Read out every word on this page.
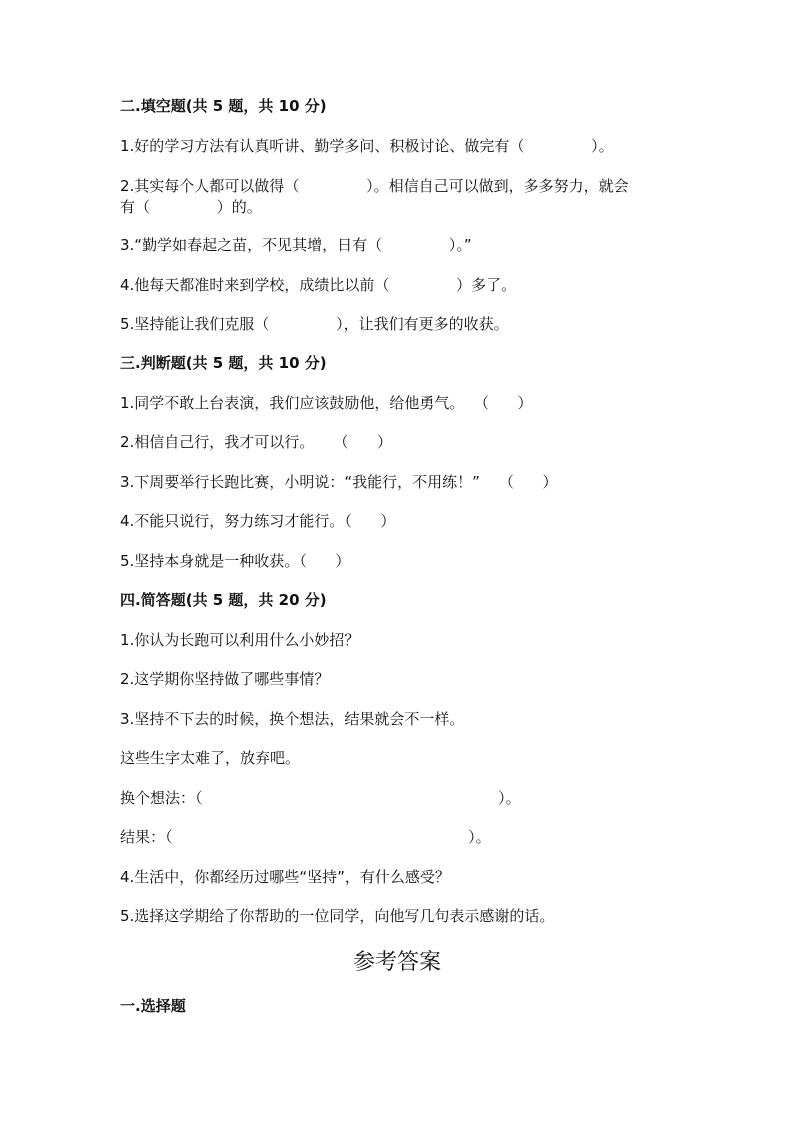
二.填空题(共 5 题，共 10 分)
1.好的学习方法有认真听讲、勤学多问、积极讨论、做完有（              ）。
2.其实每个人都可以做得（              ）。相信自己可以做到，多多努力，就会
有（              ）的。
3.“勤学如春起之苗，不见其增，日有（              ）。”
4.他每天都准时来到学校，成绩比以前（              ）多了。
5.坚持能让我们克服（              ），让我们有更多的收获。
三.判断题(共 5 题，共 10 分)
1.同学不敢上台表演，我们应该鼓励他，给他勇气。  （      ）
2.相信自己行，我才可以行。    （      ）
3.下周要举行长跑比赛，小明说：“我能行，不用练！”    （      ）
4.不能只说行，努力练习才能行。（      ）
5.坚持本身就是一种收获。（      ）
四.简答题(共 5 题，共 20 分)
1.你认为长跑可以利用什么小妙招？
2.这学期你坚持做了哪些事情？
3.坚持不下去的时候，换个想法，结果就会不一样。
这些生字太难了，放弃吧。
换个想法：（                                                              ）。
结果：（                                                              ）。
4.生活中，你都经历过哪些“坚持”，有什么感受？
5.选择这学期给了你帮助的一位同学，向他写几句表示感谢的话。
参考答案
一.选择题
